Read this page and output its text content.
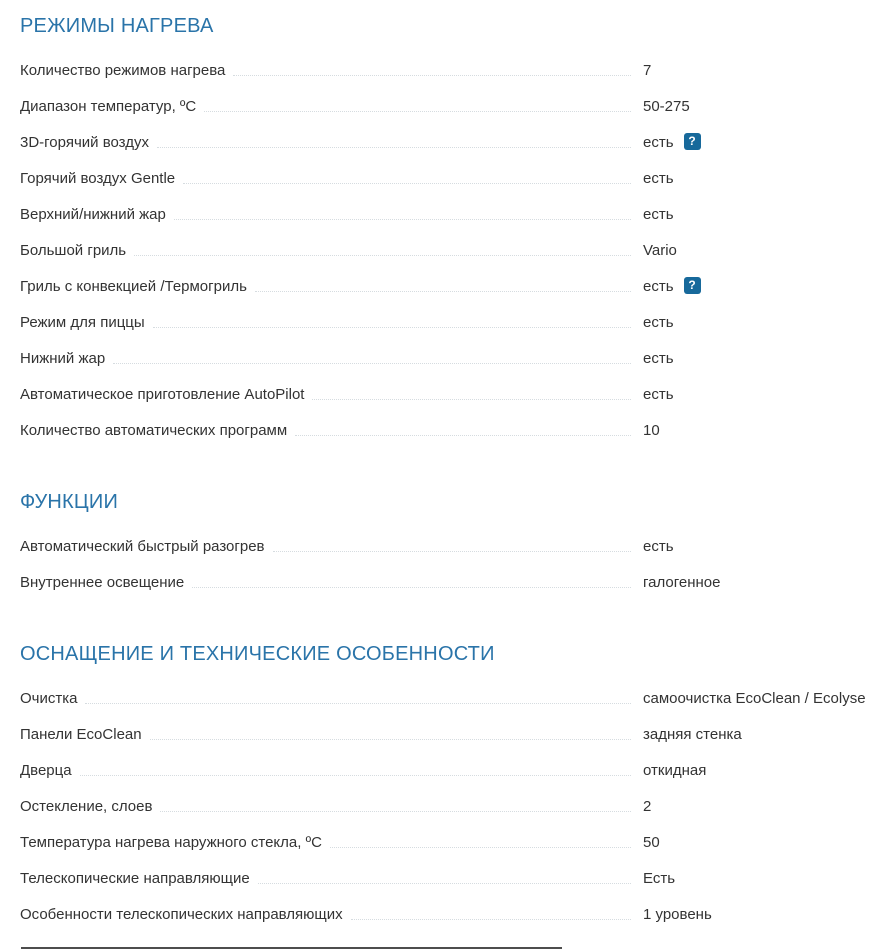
РЕЖИМЫ НАГРЕВА
Количество режимов нагрева	7
Диапазон температур, ºС	50-275
3D-горячий воздух	есть	?
Горячий воздух Gentle	есть
Верхний/нижний жар	есть
Большой гриль	Vario
Гриль с конвекцией /Термогриль	есть	?
Режим для пиццы	есть
Нижний жар	есть
Автоматическое приготовление AutoPilot	есть
Количество автоматических программ	10
ФУНКЦИИ
Автоматический быстрый разогрев	есть
Внутреннее освещение	галогенное
ОСНАЩЕНИЕ И ТЕХНИЧЕСКИЕ ОСОБЕННОСТИ
Очистка	самоочистка EcoClean / Ecolyse
Панели EcoClean	задняя стенка
Дверца	откидная
Остекление, слоев	2
Температура нагрева наружного стекла, ºС	50
Телескопические направляющие	Есть
Особенности телескопических направляющих	1 уровень
